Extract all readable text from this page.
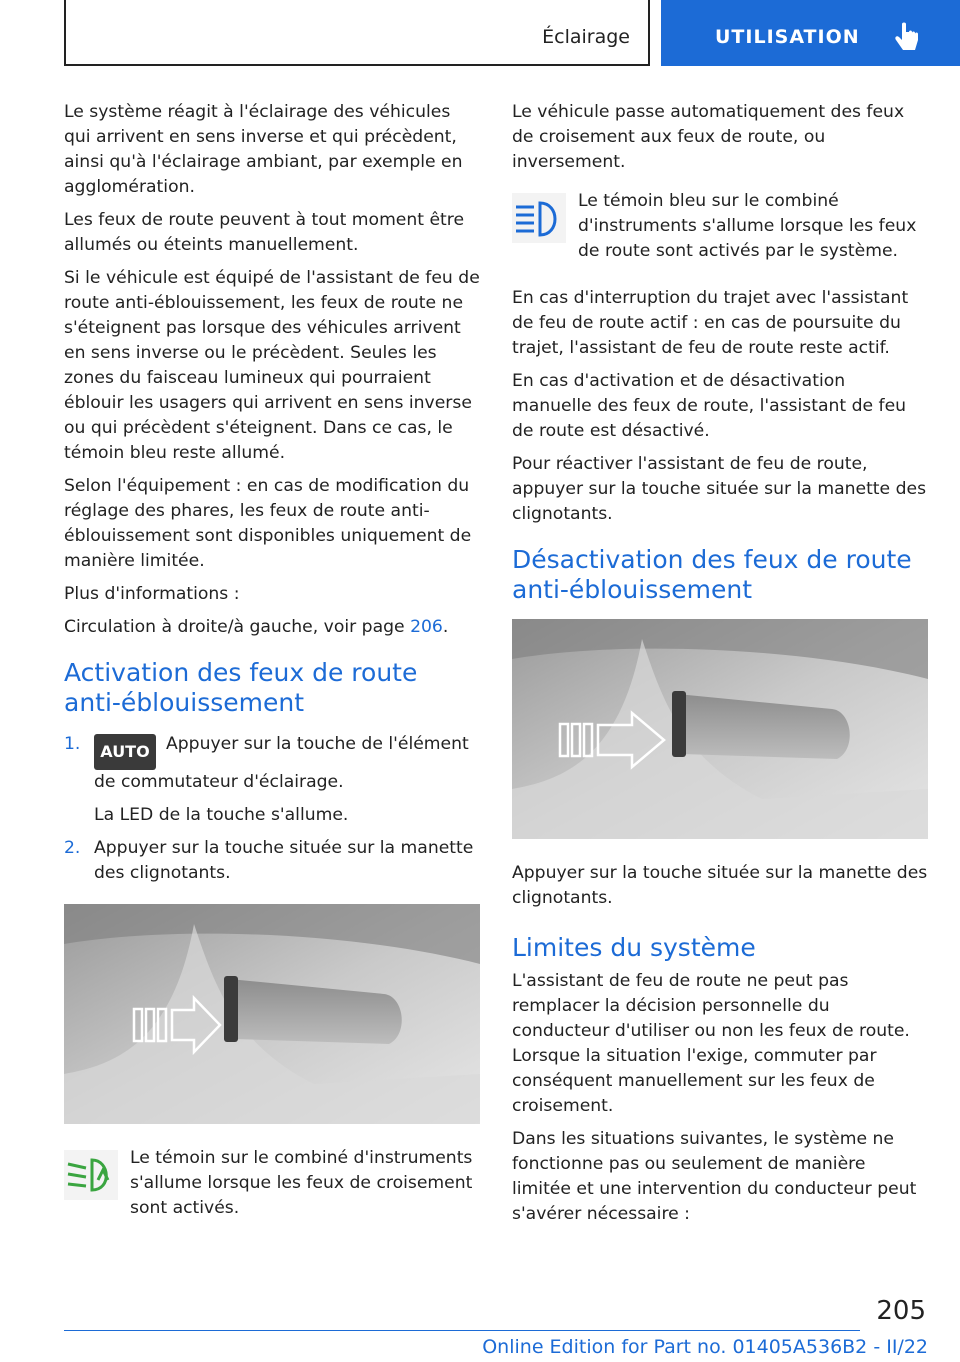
Éclairage	UTILISATION

Le système réagit à l'éclairage des véhicules qui arrivent en sens inverse et qui précèdent, ainsi qu'à l'éclairage ambiant, par exemple en agglomération.

Les feux de route peuvent à tout moment être allumés ou éteints manuellement.

Si le véhicule est équipé de l'assistant de feu de route anti-éblouissement, les feux de route ne s'éteignent pas lorsque des véhicules arrivent en sens inverse ou le précèdent. Seules les zones du faisceau lumineux qui pourraient éblouir les usagers qui arrivent en sens inverse ou qui précèdent s'éteignent. Dans ce cas, le témoin bleu reste allumé.

Selon l'équipement : en cas de modification du réglage des phares, les feux de route anti-éblouissement sont disponibles uniquement de manière limitée.

Plus d'informations :

Circulation à droite/à gauche, voir page 206.

Activation des feux de route anti-éblouissement
1. AUTO Appuyer sur la touche de l'élément de commutateur d'éclairage.
La LED de la touche s'allume.
2. Appuyer sur la touche située sur la manette des clignotants.

Le témoin sur le combiné d'instruments s'allume lorsque les feux de croisement sont activés.

Le véhicule passe automatiquement des feux de croisement aux feux de route, ou inversement.

Le témoin bleu sur le combiné d'instruments s'allume lorsque les feux de route sont activés par le système.

En cas d'interruption du trajet avec l'assistant de feu de route actif : en cas de poursuite du trajet, l'assistant de feu de route reste actif.

En cas d'activation et de désactivation manuelle des feux de route, l'assistant de feu de route est désactivé.

Pour réactiver l'assistant de feu de route, appuyer sur la touche située sur la manette des clignotants.

Désactivation des feux de route anti-éblouissement

Appuyer sur la touche située sur la manette des clignotants.

Limites du système

L'assistant de feu de route ne peut pas remplacer la décision personnelle du conducteur d'utiliser ou non les feux de route. Lorsque la situation l'exige, commuter par conséquent manuellement sur les feux de croisement.

Dans les situations suivantes, le système ne fonctionne pas ou seulement de manière limitée et une intervention du conducteur peut s'avérer nécessaire :

205
Online Edition for Part no. 01405A536B2 - II/22
